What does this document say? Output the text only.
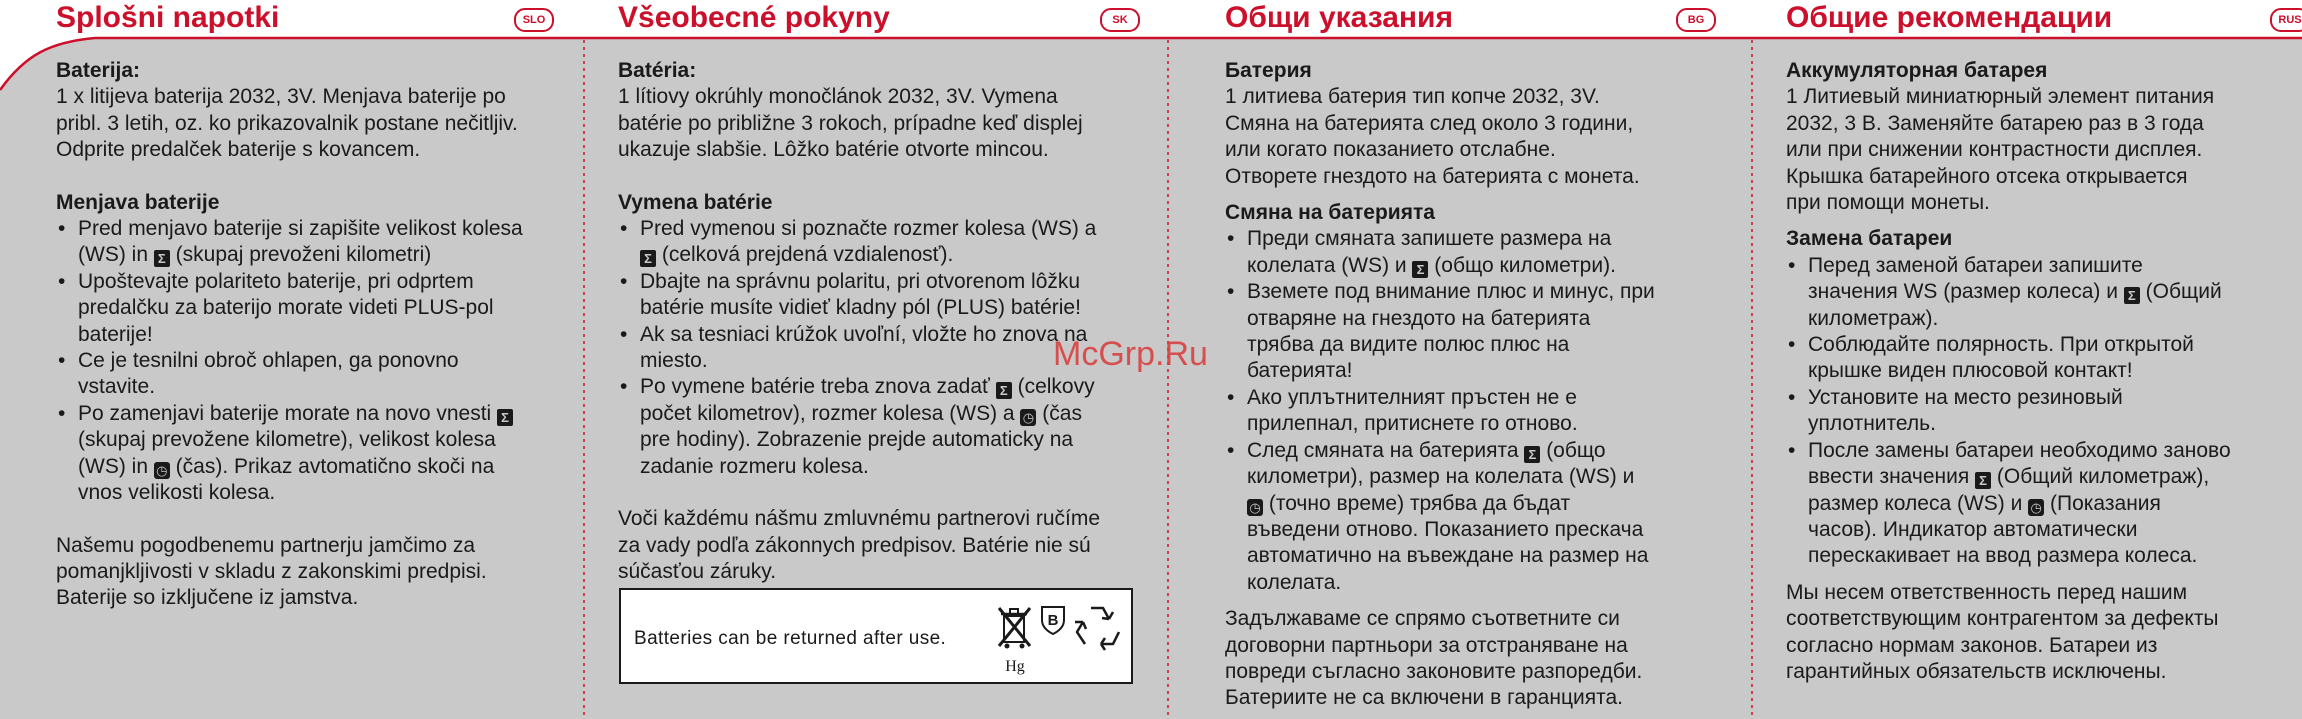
Splošni napotki	SLO

Baterija:

1 x litijeva baterija 2032, 3V. Menjava baterije po

pribl. 3 letih, oz. ko prikazovalnik postane nečitljiv.

Odprite predalček baterije s kovancem.

Menjava baterije

• Pred menjavo baterije si zapišite velikost kolesa
(WS) in Σ (skupaj prevoženi kilometri)
• Upoštevajte polariteto baterije, pri odprtem
predalčku za baterijo morate videti PLUS-pol
baterije!
• Ce je tesnilni obroč ohlapen, ga ponovno
vstavite.
• Po zamenjavi baterije morate na novo vnesti Σ(skupaj prevožene kilometre), velikost kolesa
(WS) in ◷ (čas). Prikaz avtomatično skoči na
vnos velikosti kolesa.

Našemu pogodbenemu partnerju jamčimo za

pomanjkljivosti v skladu z zakonskimi predpisi.

Baterije so izključene iz jamstva.

Všeobecné pokyny	SK

Batéria:

1 lítiovy okrúhly monočlánok 2032, 3V. Vymena

batérie po približne 3 rokoch, prípadne keď displej

ukazuje slabšie. Lôžko batérie otvorte mincou.

Vymena batérie

• Pred vymenou si poznačte rozmer kolesa (WS) a
Σ (celková prejdená vzdialenosť).
• Dbajte na správnu polaritu, pri otvorenom lôžku
batérie musíte vidieť kladny pól (PLUS) batérie!
• Ak sa tesniaci krúžok uvoľní, vložte ho znova na
miesto.
• Po vymene batérie treba znova zadať Σ (celkovy
počet kilometrov), rozmer kolesa (WS) a ◷ (čas
pre hodiny). Zobrazenie prejde automaticky na
zadanie rozmeru kolesa.

Voči každému nášmu zmluvnému partnerovi ručíme

za vady podľa zákonnych predpisov. Batérie nie sú

súčasťou záruky.

Batteries can be returned after use.
Hg
B
Общи указания	BG

Батерия

1 литиева батерия тип копче 2032, 3V.

Смяна на батерията след около 3 години,

или когато показанието отслабне.

Отворете гнездото на батерията с монета.

Смяна на батерията

• Преди смяната запишете размера на
колелата (WS) и Σ (общо километри).
• Вземете под внимание плюс и минус, при
отваряне на гнездото на батерията
трябва да видите полюс плюс на
батерията!
• Ако уплътнителният пръстен не е
прилепнал, притиснете го отново.
• След смяната на батерията Σ (общо
километри), размер на колелата (WS) и
◷ (точно време) трябва да бъдат
въведени отново. Показанието прескача
автоматично на въвеждане на размер на
колелата.

Задължаваме се спрямо съответните си

договорни партньори за отстраняване на

повреди съгласно законовите разпоредби.

Батериите не са включени в гаранцията.

Общие рекомендации	RUS

Аккумуляторная батарея

1 Литиевый миниатюрный элемент питания

2032, 3 В. Заменяйте батарею раз в 3 года

или при снижении контрастности дисплея.

Крышка батарейного отсека открывается

при помощи монеты.

Замена батареи

• Перед заменой батареи запишите
значения WS (размер колеса) и Σ (Общий
километраж).
• Соблюдайте полярность. При открытой
крышке виден плюсовой контакт!
• Установите на место резиновый
уплотнитель.
• После замены батареи необходимо заново
ввести значения Σ (Общий километраж),
размер колеса (WS) и ◷ (Показания
часов). Индикатор автоматически
перескакивает на ввод размера колеса.

Мы несем ответственность перед нашим

соответствующим контрагентом за дефекты

согласно нормам законов. Батареи из

гарантийных обязательств исключены.

McGrp.Ru
